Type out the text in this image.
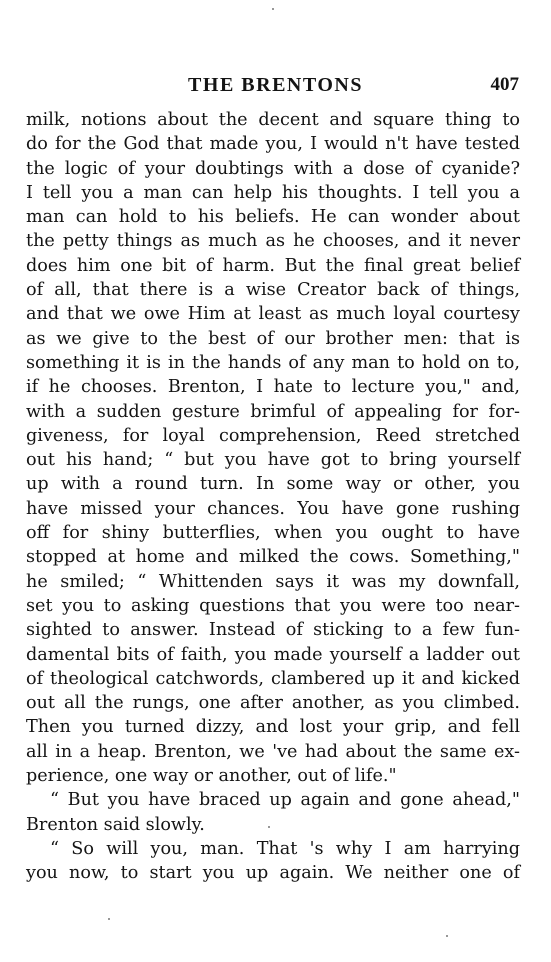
THE BRENTONS	407
milk, notions about the decent and square thing to
do for the God that made you, I would n't have tested
the logic of your doubtings with a dose of cyanide?
I tell you a man can help his thoughts. I tell you a
man can hold to his beliefs. He can wonder about
the petty things as much as he chooses, and it never
does him one bit of harm. But the final great belief
of all, that there is a wise Creator back of things,
and that we owe Him at least as much loyal courtesy
as we give to the best of our brother men: that is
something it is in the hands of any man to hold on to,
if he chooses. Brenton, I hate to lecture you," and,
with a sudden gesture brimful of appealing for for-
giveness, for loyal comprehension, Reed stretched
out his hand; “ but you have got to bring yourself
up with a round turn. In some way or other, you
have missed your chances. You have gone rushing
off for shiny butterflies, when you ought to have
stopped at home and milked the cows. Something,"
he smiled; “ Whittenden says it was my downfall,
set you to asking questions that you were too near-
sighted to answer. Instead of sticking to a few fun-
damental bits of faith, you made yourself a ladder out
of theological catchwords, clambered up it and kicked
out all the rungs, one after another, as you climbed.
Then you turned dizzy, and lost your grip, and fell
all in a heap. Brenton, we 've had about the same ex-
perience, one way or another, out of life."
“ But you have braced up again and gone ahead,"
Brenton said slowly.
“ So will you, man. That 's why I am harrying
you now, to start you up again. We neither one of
